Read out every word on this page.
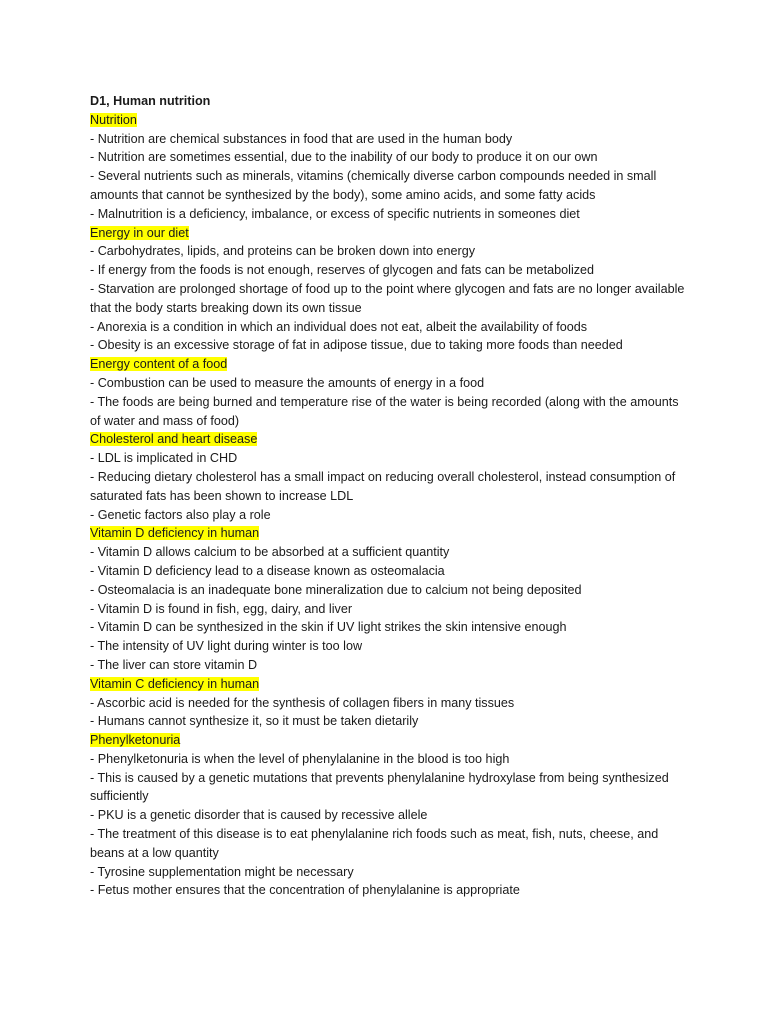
D1, Human nutrition

Nutrition

- Nutrition are chemical substances in food that are used in the human body

- Nutrition are sometimes essential, due to the inability of our body to produce it on our own

- Several nutrients such as minerals, vitamins (chemically diverse carbon compounds needed in small amounts that cannot be synthesized by the body), some amino acids, and some fatty acids

- Malnutrition is a deficiency, imbalance, or excess of specific nutrients in someones diet

Energy in our diet

- Carbohydrates, lipids, and proteins can be broken down into energy

- If energy from the foods is not enough, reserves of glycogen and fats can be metabolized

- Starvation are prolonged shortage of food up to the point where glycogen and fats are no longer available that the body starts breaking down its own tissue

- Anorexia is a condition in which an individual does not eat, albeit the availability of foods

- Obesity is an excessive storage of fat in adipose tissue, due to taking more foods than needed

Energy content of a food

- Combustion can be used to measure the amounts of energy in a food

- The foods are being burned and temperature rise of the water is being recorded (along with the amounts of water and mass of food)

Cholesterol and heart disease

- LDL is implicated in CHD

- Reducing dietary cholesterol has a small impact on reducing overall cholesterol, instead consumption of saturated fats has been shown to increase LDL

- Genetic factors also play a role

Vitamin D deficiency in human

- Vitamin D allows calcium to be absorbed at a sufficient quantity

- Vitamin D deficiency lead to a disease known as osteomalacia

- Osteomalacia is an inadequate bone mineralization due to calcium not being deposited

- Vitamin D is found in fish, egg, dairy, and liver

- Vitamin D can be synthesized in the skin if UV light strikes the skin intensive enough

- The intensity of UV light during winter is too low

- The liver can store vitamin D

Vitamin C deficiency in human

- Ascorbic acid is needed for the synthesis of collagen fibers in many tissues

- Humans cannot synthesize it, so it must be taken dietarily

Phenylketonuria

- Phenylketonuria is when the level of phenylalanine in the blood is too high

- This is caused by a genetic mutations that prevents phenylalanine hydroxylase from being synthesized sufficiently

- PKU is a genetic disorder that is caused by recessive allele

- The treatment of this disease is to eat phenylalanine rich foods such as meat, fish, nuts, cheese, and beans at a low quantity

- Tyrosine supplementation might be necessary

- Fetus mother ensures that the concentration of phenylalanine is appropriate
